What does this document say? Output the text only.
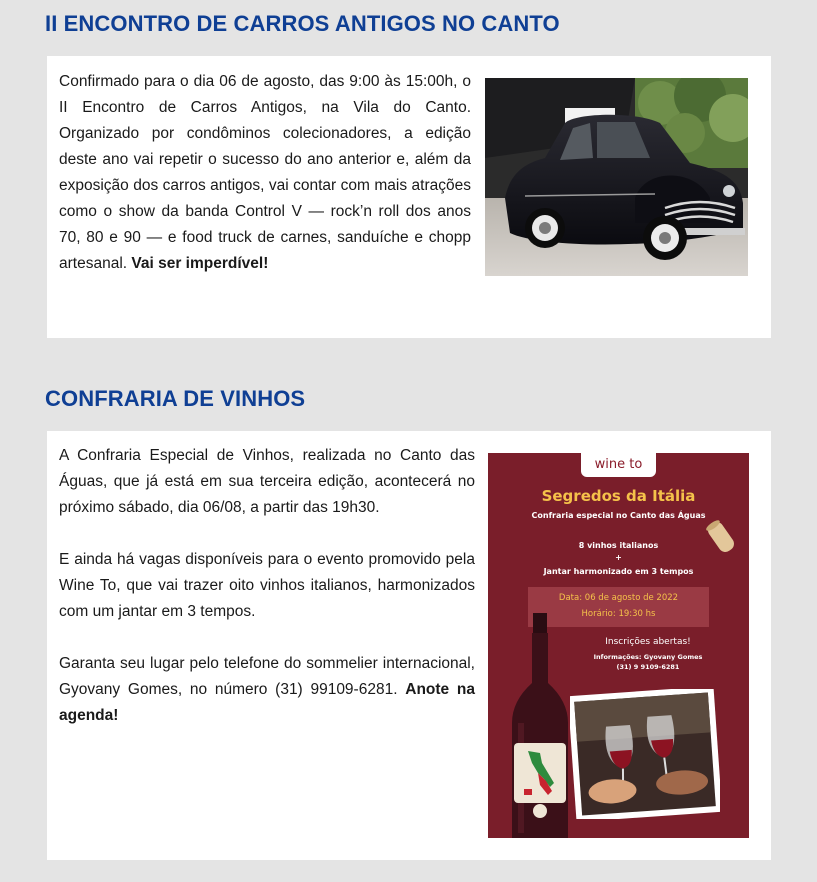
II ENCONTRO DE CARROS ANTIGOS NO CANTO

Confirmado para o dia 06 de agosto, das 9:00 às 15:00h, o II Encontro de Carros Antigos, na Vila do Canto. Organizado por condôminos colecionadores, a edição deste ano vai repetir o sucesso do ano anterior e, além da exposição dos carros antigos, vai contar com mais atrações como o show da banda Control V — rock’n roll dos anos 70, 80 e 90 — e food truck de carnes, sanduíche e chopp artesanal. Vai ser imperdível!

CONFRARIA DE VINHOS

A Confraria Especial de Vinhos, realizada no Canto das Águas, que já está em sua terceira edição, acontecerá no próximo sábado, dia 06/08, a partir das 19h30.

E ainda há vagas disponíveis para o evento promovido pela Wine To, que vai trazer oito vinhos italianos, harmonizados com um jantar em 3 tempos.

Garanta seu lugar pelo telefone do sommelier internacional, Gyovany Gomes, no número (31) 99109-6281. Anote na agenda!

wine to
Segredos da Itália
Confraria especial no Canto das Águas
8 vinhos italianos
+
Jantar harmonizado em 3 tempos
Data: 06 de agosto de 2022
Horário: 19:30 hs
Inscrições abertas!
Informações: Gyovany Gomes
(31) 9 9109-6281
